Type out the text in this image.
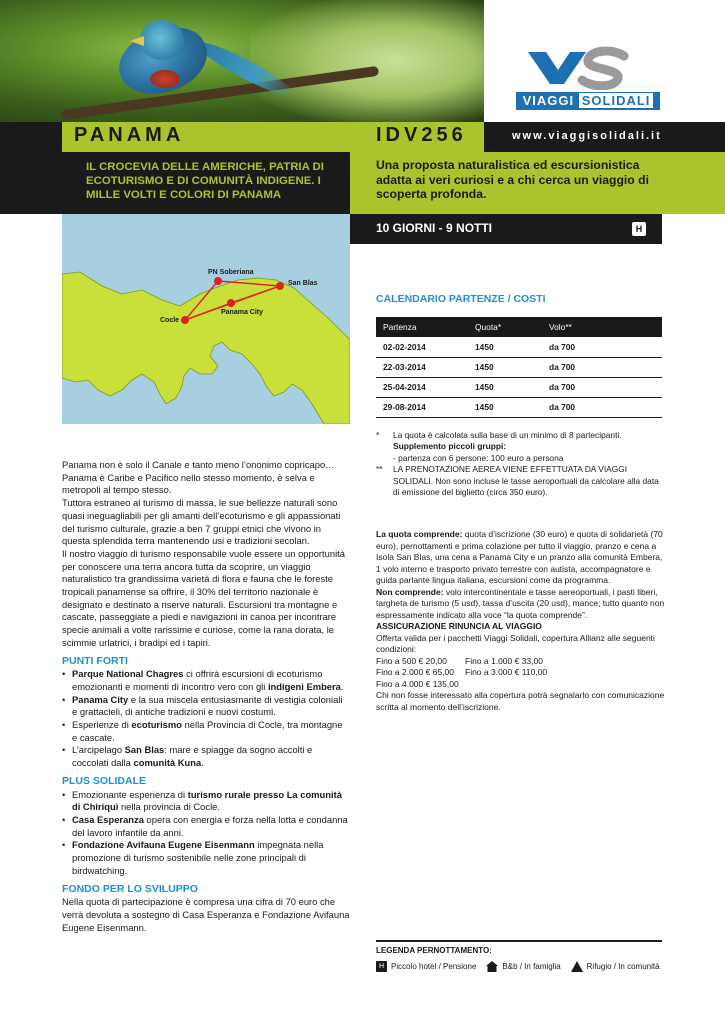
VIAGGI SOLIDALI
PANAMA	IDV256	www.viaggisolidali.it
IL CROCEVIA DELLE AMERICHE, PATRIA DI ECOTURISMO E DI COMUNITÀ INDIGENE. I MILLE VOLTI E COLORI DI PANAMA
Una proposta naturalistica ed escursionistica adatta ai veri curiosi e a chi cerca un viaggio di scoperta profonda.
10 GIORNI - 9 NOTTI	H
PN Soberiana
San Blas
Panama City
Cocle
CALENDARIO PARTENZE / COSTI
Partenza	Quota*	Volo**
02-02-2014	1450	da 700
22-03-2014	1450	da 700
25-04-2014	1450	da 700
29-08-2014	1450	da 700
*	La quota è calcolata sulla base di un minimo di 8 partecipanti.
Supplemento piccoli gruppi:
- partenza con 6 persone: 100 euro a persona
**	LA PRENOTAZIONE AEREA VIENE EFFETTUATA DA VIAGGI SOLIDALI. Non sono incluse le tasse aeroportuali da calcolare alla data di emissione del biglietto (circa 350 euro).
La quota comprende: quota d’iscrizione (30 euro) e quota di solidarietà (70 euro), pernottamenti e prima colazione per tutto il viaggio, pranzo e cena a Isola San Blas, una cena a Panama City e un pranzo alla comunità Embera, 1 volo interno e trasporto privato terrestre con autista, accompagnatore e guida parlante lingua italiana, escursioni come da programma.
Non comprende: volo intercontinentale e tasse aereoportuali, i pasti liberi, targheta de turismo (5 usd), tassa d’uscita (20 usd), mance; tutto quanto non espressamente indicato alla voce “la quota comprende”.
ASSICURAZIONE RINUNCIA AL VIAGGIO
Offerta valida per i pacchetti Viaggi Solidali, copertura Allianz alle seguenti condizioni:
Fino a 500 € 20,00	Fino a 1.000 € 33,00
Fino a 2.000 € 65,00	Fino a 3.000 € 110,00
Fino a 4.000 € 135,00
Chi non fosse interessato alla copertura potrà segnalarlo con comunicazione scritta al momento dell’iscrizione.

Panama non è solo il Canale e tanto meno l’ononimo copricapo… Panama è Caribe e Pacifico nello stesso momento, è selva e metropoli al tempo stesso.

Tuttora estraneo al turismo di massa, le sue bellezze naturali sono quasi ineguagliabili per gli amanti dell’ecoturismo e gli appassionati del turismo culturale, grazie a ben 7 gruppi etnici che vivono in questa splendida terra mantenendo usi e tradizioni secolari.

Il nostro viaggio di turismo responsabile vuole essere un opportunità per conoscere una terra ancora tutta da scoprire, un viaggio naturalistico tra grandissima varietà di flora e fauna che le foreste tropicali panamense sa offrire, il 30% del territorio nazionale è designato e destinato a riserve naturali. Escursioni tra montagne e cascate, passeggiate a piedi e navigazioni in canoa per incontrare specie animali a volte rarissime e curiose, come la rana dorata, le scimmie urlatrici, i bradipi ed i tapiri.

PUNTI FORTI
• Parque National Chagres ci offrirà escursioni di ecoturismo emozionanti e momenti di incontro vero con gli indigeni Embera.
• Panama City e la sua miscela entusiasmante di vestigia coloniali e grattacieli, di antiche tradizioni e nuovi costumi.
• Esperienze di ecoturismo nella Provincia di Cocle, tra montagne e cascate.
• L’arcipelago San Blas: mare e spiagge da sogno accolti e coccolati dalla comunità Kuna.
PLUS SOLIDALE
• Emozionante esperienza di turismo rurale presso La comunità di Chiriquì nella provincia di Cocle.
• Casa Esperanza opera con energia e forza nella lotta e condanna del lavoro infantile da anni.
• Fondazione Avifauna Eugene Eisenmann impegnata nella promozione di turismo sostenibile nelle zone principali di birdwatching.
FONDO PER LO SVILUPPO

Nella quota di partecipazione è compresa una cifra di 70 euro che verrà devoluta a sostegno di Casa Esperanza e Fondazione Avifauna Eugene Eisenmann.

LEGENDA PERNOTTAMENTO:
H Piccolo hotel / Pensione	B&b / In famiglia	Rifugio / In comunità
